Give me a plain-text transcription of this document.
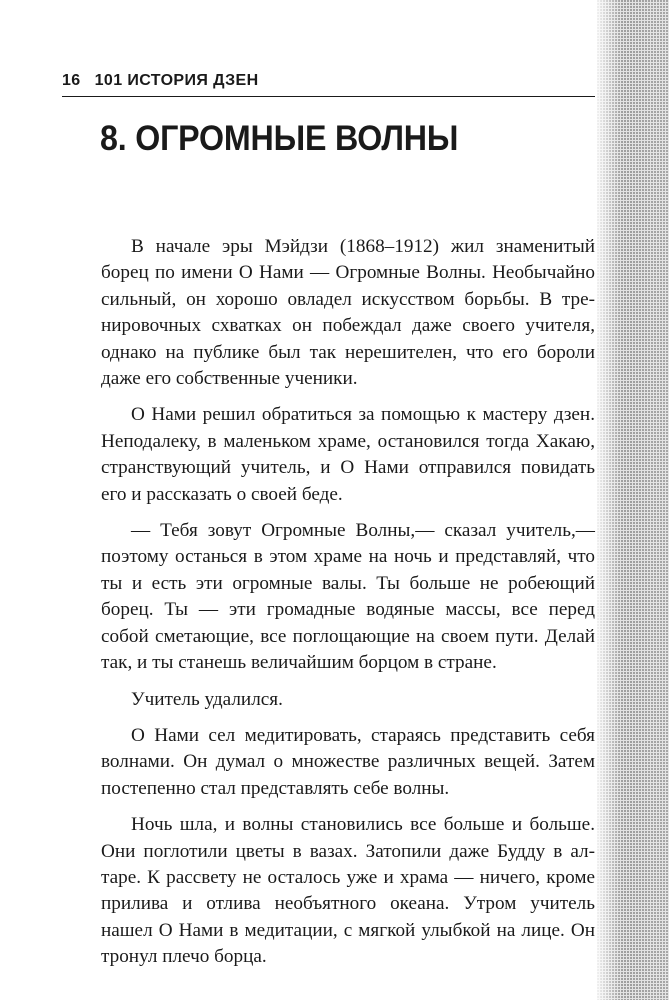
16 101 ИСТОРИЯ ДЗЕН
8. ОГРОМНЫЕ ВОЛНЫ

В начале эры Мэйдзи (1868–1912) жил знаменитый борец по имени О Нами — Огромные Волны. Необычайно сильный, он хорошо овладел искусством борьбы. В тренировочных схватках он побеждал даже своего учителя, однако на публике был так нерешителен, что его бороли даже его собственные ученики.

О Нами решил обратиться за помощью к мастеру дзен. Неподалеку, в маленьком храме, остановился тогда Хакаю, странствующий учитель, и О Нами отправился повидать его и рассказать о своей беде.

— Тебя зовут Огромные Волны,— сказал учитель,— поэтому останься в этом храме на ночь и представляй, что ты и есть эти огромные валы. Ты больше не робеющий борец. Ты — эти громадные водяные массы, все перед собой сметающие, все поглощающие на своем пути. Делай так, и ты станешь величайшим борцом в стране.

Учитель удалился.

О Нами сел медитировать, стараясь представить себя волнами. Он думал о множестве различных вещей. Затем постепенно стал представлять себе волны.

Ночь шла, и волны становились все больше и больше. Они поглотили цветы в вазах. Затопили даже Будду в алтаре. К рассвету не осталось уже и храма — ничего, кроме прилива и отлива необъятного океана. Утром учитель нашел О Нами в медитации, с мягкой улыбкой на лице. Он тронул плечо борца.
